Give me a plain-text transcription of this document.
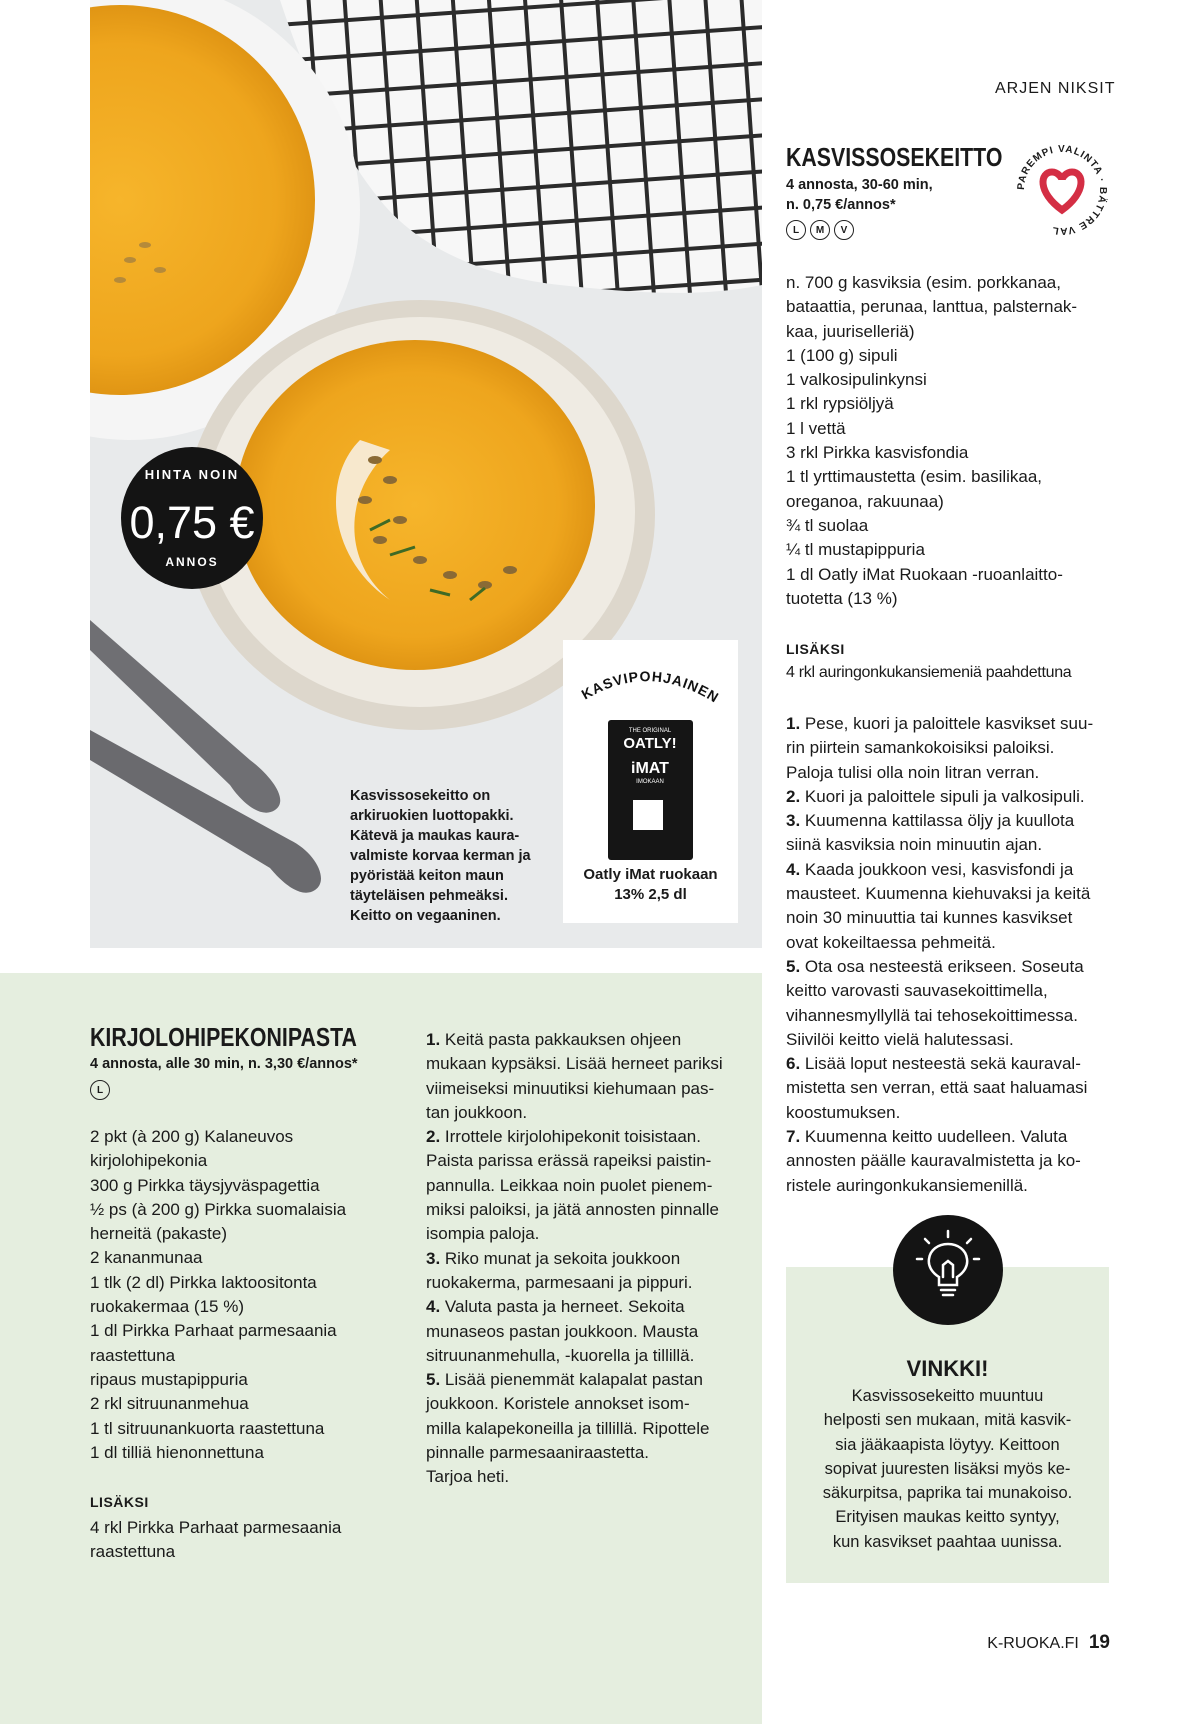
HINTA NOIN
0,75 €
ANNOS
Kasvissosekeitto on arkiruokien luottopakki. Kätevä ja maukas kaura-valmiste korvaa kerman ja pyöristää keiton maun täyteläisen pehmeäksi. Keitto on vegaaninen.
KASVIPOHJAINEN
THE ORIGINAL
OATLY!
iMAT
IMOKAAN
Oatly iMat ruokaan
13% 2,5 dl
ARJEN NIKSIT
KASVISSOSEKEITTO
4 annosta, 30-60 min,
n. 0,75 €/annos*
L	M	V
PAREMPI VALINTA · BÄTTRE VAL
n. 700 g kasviksia (esim. porkkanaa,
bataattia, perunaa, lanttua, palsternak-
kaa, juuriselleriä)
1 (100 g) sipuli
1 valkosipulinkynsi
1 rkl rypsiöljyä
1 l vettä
3 rkl Pirkka kasvisfondia
1 tl yrttimaustetta (esim. basilikaa,
oreganoa, rakuunaa)
¾ tl suolaa
¼ tl mustapippuria
1 dl Oatly iMat Ruokaan -ruoanlaitto-
tuotetta (13 %)
LISÄKSI
4 rkl auringonkukansiemeniä paahdettuna
1. Pese, kuori ja paloittele kasvikset suu-
rin piirtein samankokoisiksi paloiksi.
Paloja tulisi olla noin litran verran.
2. Kuori ja paloittele sipuli ja valkosipuli.
3. Kuumenna kattilassa öljy ja kuullota
siinä kasviksia noin minuutin ajan.
4. Kaada joukkoon vesi, kasvisfondi ja
mausteet. Kuumenna kiehuvaksi ja keitä
noin 30 minuuttia tai kunnes kasvikset
ovat kokeiltaessa pehmeitä.
5. Ota osa nesteestä erikseen. Soseuta
keitto varovasti sauvasekoittimella,
vihannesmyllyllä tai tehosekoittimessa.
Siivilöi keitto vielä halutessasi.
6. Lisää loput nesteestä sekä kauraval-
mistetta sen verran, että saat haluamasi
koostumuksen.
7. Kuumenna keitto uudelleen. Valuta
annosten päälle kauravalmistetta ja ko-
ristele auringonkukansiemenillä.
KIRJOLOHIPEKONIPASTA
4 annosta, alle 30 min, n. 3,30 €/annos*
L
2 pkt (à 200 g) Kalaneuvos
kirjolohipekonia
300 g Pirkka täysjyväspagettia
½ ps (à 200 g) Pirkka suomalaisia
herneitä (pakaste)
2 kananmunaa
1 tlk (2 dl) Pirkka laktoositonta
ruokakermaa (15 %)
1 dl Pirkka Parhaat parmesaania
raastettuna
ripaus mustapippuria
2 rkl sitruunanmehua
1 tl sitruunankuorta raastettuna
1 dl tilliä hienonnettuna
LISÄKSI
4 rkl Pirkka Parhaat parmesaania
raastettuna
1. Keitä pasta pakkauksen ohjeen
mukaan kypsäksi. Lisää herneet pariksi
viimeiseksi minuutiksi kiehumaan pas-
tan joukkoon.
2. Irrottele kirjolohipekonit toisistaan.
Paista parissa erässä rapeiksi paistin-
pannulla. Leikkaa noin puolet pienem-
miksi paloiksi, ja jätä annosten pinnalle
isompia paloja.
3. Riko munat ja sekoita joukkoon
ruokakerma, parmesaani ja pippuri.
4. Valuta pasta ja herneet. Sekoita
munaseos pastan joukkoon. Mausta
sitruunanmehulla, -kuorella ja tillillä.
5. Lisää pienemmät kalapalat pastan
joukkoon. Koristele annokset isom-
milla kalapekoneilla ja tillillä. Ripottele
pinnalle parmesaaniraastetta.
Tarjoa heti.
VINKKI!
Kasvissosekeitto muuntuu
helposti sen mukaan, mitä kasvik-
sia jääkaapista löytyy. Keittoon
sopivat juuresten lisäksi myös ke-
säkurpitsa, paprika tai munakoiso.
Erityisen maukas keitto syntyy,
kun kasvikset paahtaa uunissa.
K-RUOKA.FI 19
